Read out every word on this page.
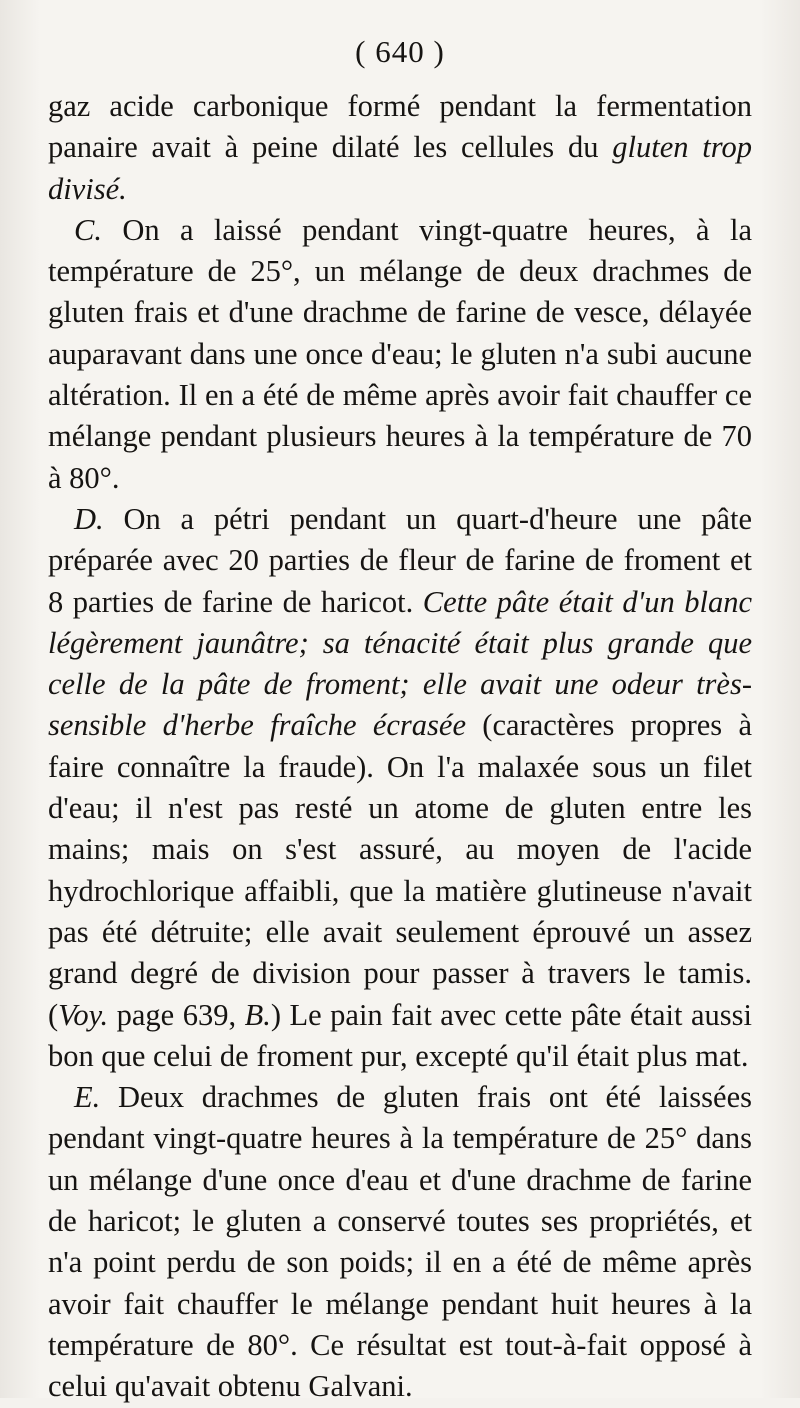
( 640 )

gaz acide carbonique formé pendant la fermentation panaire avait à peine dilaté les cellules du gluten trop divisé.

C. On a laissé pendant vingt-quatre heures, à la température de 25°, un mélange de deux drachmes de gluten frais et d'une drachme de farine de vesce, délayée auparavant dans une once d'eau; le gluten n'a subi aucune altération. Il en a été de même après avoir fait chauffer ce mélange pendant plusieurs heures à la température de 70 à 80°.

D. On a pétri pendant un quart-d'heure une pâte préparée avec 20 parties de fleur de farine de froment et 8 parties de farine de haricot. Cette pâte était d'un blanc légèrement jaunâtre; sa ténacité était plus grande que celle de la pâte de froment; elle avait une odeur très-sensible d'herbe fraîche écrasée (caractères propres à faire connaître la fraude). On l'a malaxée sous un filet d'eau; il n'est pas resté un atome de gluten entre les mains; mais on s'est assuré, au moyen de l'acide hydrochlorique affaibli, que la matière glutineuse n'avait pas été détruite; elle avait seulement éprouvé un assez grand degré de division pour passer à travers le tamis. (Voy. page 639, B.) Le pain fait avec cette pâte était aussi bon que celui de froment pur, excepté qu'il était plus mat.

E. Deux drachmes de gluten frais ont été laissées pendant vingt-quatre heures à la température de 25° dans un mélange d'une once d'eau et d'une drachme de farine de haricot; le gluten a conservé toutes ses propriétés, et n'a point perdu de son poids; il en a été de même après avoir fait chauffer le mélange pendant huit heures à la température de 80°. Ce résultat est tout-à-fait opposé à celui qu'avait obtenu Galvani.
